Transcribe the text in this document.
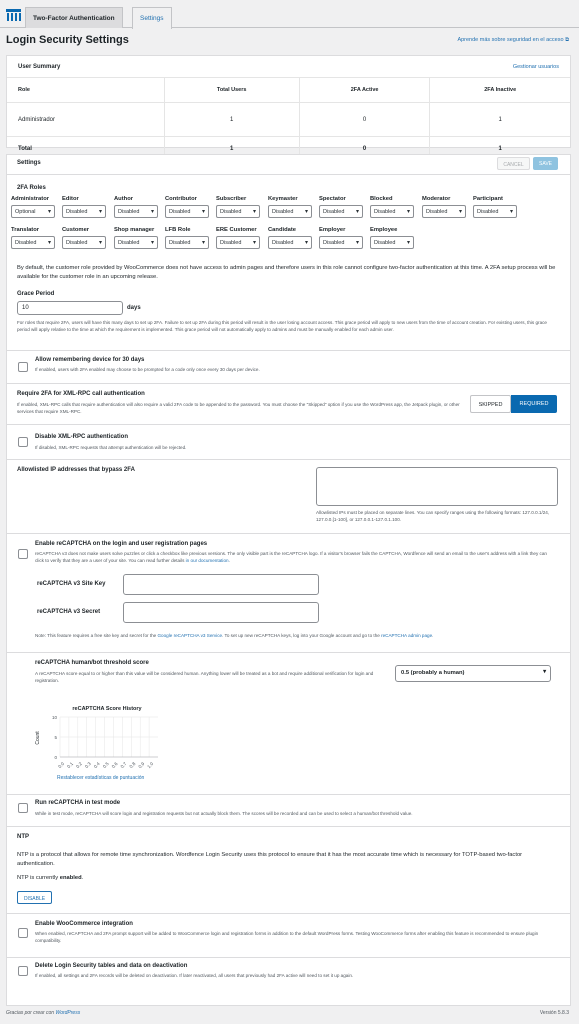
Two-Factor Authentication	Settings
Login Security Settings	Aprende más sobre seguridad en el acceso ⧉
User Summary	Gestionar usuarios
Role	Total Users	2FA Active	2FA Inactive
Administrador	1	0	1
Total	1	0	1
Settings	CANCEL	SAVE
2FA Roles
Administrator
Optional ▾
Editor
Disabled ▾
Author
Disabled ▾
Contributor
Disabled ▾
Subscriber
Disabled ▾
Keymaster
Disabled ▾
Spectator
Disabled ▾
Blocked
Disabled ▾
Moderator
Disabled ▾
Participant
Disabled ▾
Translator
Disabled ▾
Customer
Disabled ▾
Shop manager
Disabled ▾
LFB Role
Disabled ▾
ERE Customer
Disabled ▾
Candidate
Disabled ▾
Employer
Disabled ▾
Employee
Disabled ▾
By default, the customer role provided by WooCommerce does not have access to admin pages and therefore users in this role cannot configure two-factor authentication at this time. A 2FA setup process will be available for the customer role in an upcoming release.
Grace Period
10	days
For roles that require 2FA, users will have this many days to set up 2FA. Failure to set up 2FA during this period will result in the user losing account access. This grace period will apply to new users from the time of account creation. For existing users, this grace period will apply relative to the time at which the requirement is implemented. This grace period will not automatically apply to admins and must be manually enabled for each admin user.
Allow remembering device for 30 days
If enabled, users with 2FA enabled may choose to be prompted for a code only once every 30 days per device.
Require 2FA for XML-RPC call authentication
If enabled, XML-RPC calls that require authentication will also require a valid 2FA code to be appended to the password. You must choose the "Skipped" option if you use the WordPress app, the Jetpack plugin, or other services that require XML-RPC.
SKIPPED	REQUIRED
Disable XML-RPC authentication
If disabled, XML-RPC requests that attempt authentication will be rejected.
Allowlisted IP addresses that bypass 2FA
Allowlisted IPs must be placed on separate lines. You can specify ranges using the following formats: 127.0.0.1/24, 127.0.0.[1-100], or 127.0.0.1-127.0.1.100.
Enable reCAPTCHA on the login and user registration pages
reCAPTCHA v3 does not make users solve puzzles or click a checkbox like previous versions. The only visible part is the reCAPTCHA logo. If a visitor's browser fails the CAPTCHA, Wordfence will send an email to the user's address with a link they can click to verify that they are a user of your site. You can read further details in our documentation.
reCAPTCHA v3 Site Key
reCAPTCHA v3 Secret
Note: This feature requires a free site key and secret for the Google reCAPTCHA v3 Service. To set up new reCAPTCHA keys, log into your Google account and go to the reCAPTCHA admin page.
reCAPTCHA human/bot threshold score
A reCAPTCHA score equal to or higher than this value will be considered human. Anything lower will be treated as a bot and require additional verification for login and registration.
0.5 (probably a human)	▾
reCAPTCHA Score History
Count
10
5
0
0.0 0.1 0.2 0.3 0.4 0.5 0.6 0.7 0.8 0.9 1.0
Restablecer estadísticas de puntuación
Run reCAPTCHA in test mode
While in test mode, reCAPTCHA will score login and registration requests but not actually block them. The scores will be recorded and can be used to select a human/bot threshold value.
NTP
NTP is a protocol that allows for remote time synchronization. Wordfence Login Security uses this protocol to ensure that it has the most accurate time which is necessary for TOTP-based two-factor authentication.
NTP is currently enabled.
DISABLE
Enable WooCommerce integration
When enabled, reCAPTCHA and 2FA prompt support will be added to WooCommerce login and registration forms in addition to the default WordPress forms. Testing WooCommerce forms after enabling this feature is recommended to ensure plugin compatibility.
Delete Login Security tables and data on deactivation
If enabled, all settings and 2FA records will be deleted on deactivation. If later reactivated, all users that previously had 2FA active will need to set it up again.
Gracias por crear con WordPress	Versión 5.8.3
